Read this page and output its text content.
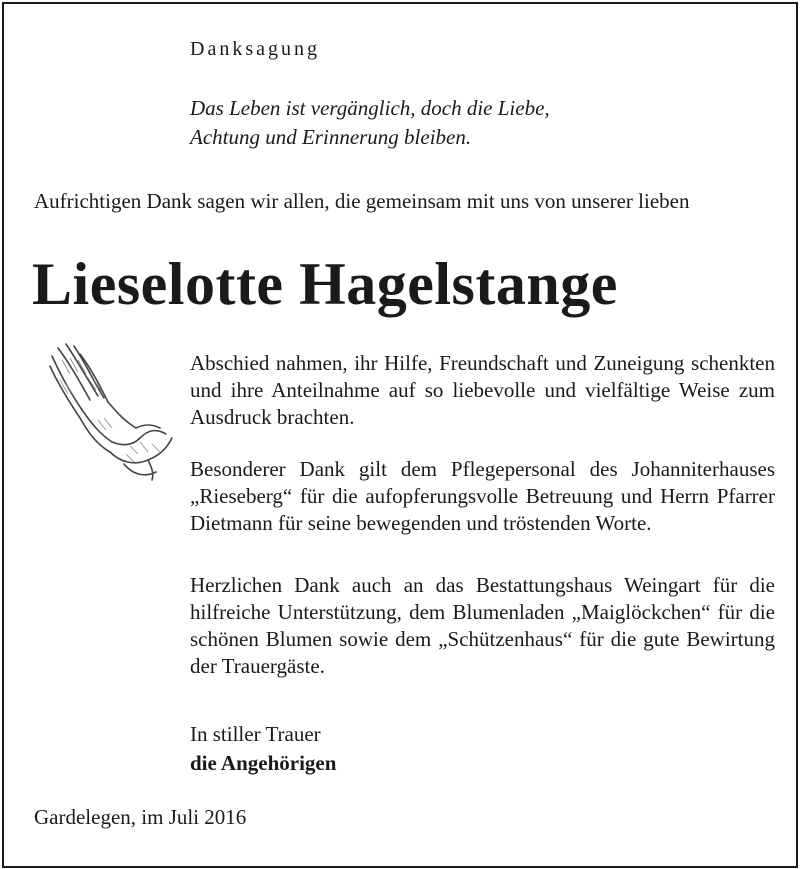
Danksagung
Das Leben ist vergänglich, doch die Liebe,
Achtung und Erinnerung bleiben.
Aufrichtigen Dank sagen wir allen, die gemeinsam mit uns von unserer lieben
Lieselotte Hagelstange
Abschied nahmen, ihr Hilfe, Freundschaft und Zuneigung schenkten und ihre Anteilnahme auf so liebevolle und vielfältige Weise zum Ausdruck brachten.
Besonderer Dank gilt dem Pflegepersonal des Johanniterhauses „Rieseberg“ für die aufopferungsvolle Betreuung und Herrn Pfarrer Dietmann für seine bewegenden und tröstenden Worte.
Herzlichen Dank auch an das Bestattungshaus Weingart für die hilfreiche Unterstützung, dem Blumenladen „Maiglöckchen“ für die schönen Blumen sowie dem „Schützenhaus“ für die gute Bewirtung der Trauergäste.
In stiller Trauer
die Angehörigen
Gardelegen, im Juli 2016
